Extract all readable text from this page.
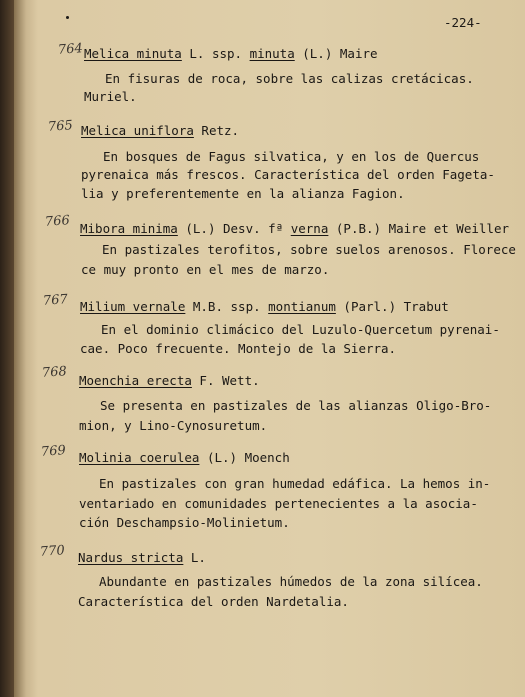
-224-
764 Melica minuta L. ssp. minuta (L.) Maire
En fisuras de roca, sobre las calizas cretácicas.
Muriel.
765 Melica uniflora Retz.
En bosques de Fagus silvatica, y en los de Quercus
pyrenaica más frescos. Característica del orden Fageta-
lia y preferentemente en la alianza Fagion.
766 Mibora minima (L.) Desv. fª verna (P.B.) Maire et Weiller
En pastizales terofitos, sobre suelos arenosos. Florece
ce muy pronto en el mes de marzo.
767 Milium vernale M.B. ssp. montianum (Parl.) Trabut
En el dominio climácico del Luzulo-Quercetum pyrenai-
cae. Poco frecuente. Montejo de la Sierra.
768 Moenchia erecta F. Wett.
Se presenta en pastizales de las alianzas Oligo-Bro-
mion, y Lino-Cynosuretum.
769 Molinia coerulea (L.) Moench
En pastizales con gran humedad edáfica. La hemos in-
ventariado en comunidades pertenecientes a la asocia-
ción Deschampsio-Molinietum.
770 Nardus stricta L.
Abundante en pastizales húmedos de la zona silícea.
Característica del orden Nardetalia.
